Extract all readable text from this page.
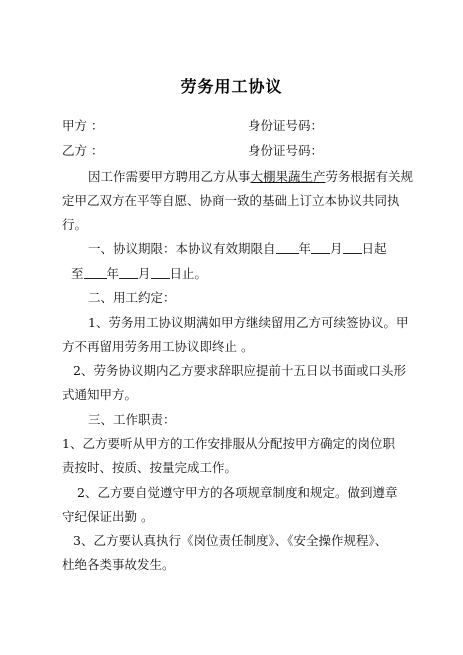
劳务用工协议
甲方 ：	身份证号码：
乙方 ：	身份证号码：
因工作需要甲方聘用乙方从事大棚果蔬生产劳务根据有关规
定甲乙双方在平等自愿、协商一致的基础上订立本协议共同执
行。
一、协议期限：本协议有效期限自 年 月 日起
至 年 月 日止。
二、用工约定：
1、劳务用工协议期满如甲方继续留用乙方可续签协议。甲
方不再留用劳务用工协议即终止 。
2、劳务协议期内乙方要求辞职应提前十五日以书面或口头形
式通知甲方。
三、工作职责：
1、乙方要听从甲方的工作安排服从分配按甲方确定的岗位职
责按时、按质、按量完成工作。
2、乙方要自觉遵守甲方的各项规章制度和规定。做到遵章
守纪保证出勤 。
3、乙方要认真执行《岗位责任制度》、《安全操作规程》、
杜绝各类事故发生。
